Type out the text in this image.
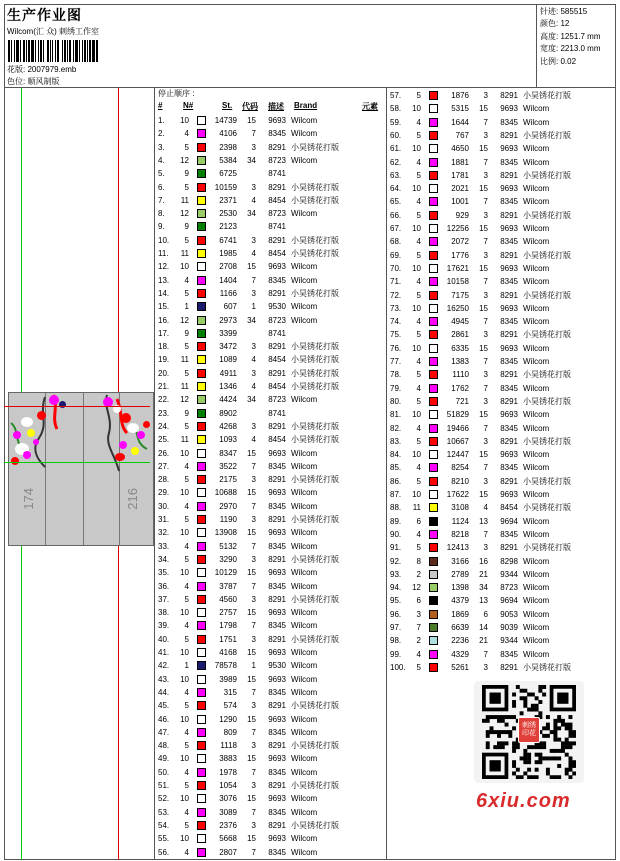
生产作业图
Wilcom(汇 众) 刺绣工作室
花版: 2007979.emb
色位: 顺风制版
针迹: 585515
颜色: 12
高度: 1251.7 mm
宽度: 2213.0 mm
比例: 0.02
174	216
停止顺序 :
#	N#	St. 代码 描述 Brand	元素
1. 10	14739	15	9693 Wilcom
2.	4	4106	7	8345 Wilcom
3.	5	2398	3	8291 小昊锈花打版
4. 12	5384	34	8723 Wilcom
5.	9	6725	8741
6.	5	10159	3	8291 小昊锈花打版
7. 11	2371	4	8454 小昊锈花打版
8. 12	2530	34	8723 Wilcom
9.	9	2123	8741
10.	5	6741	3	8291 小昊锈花打版
11. 11	1985	4	8454 小昊锈花打版
12. 10	2708	15	9693 Wilcom
13.	4	1404	7	8345 Wilcom
14.	5	1166	3	8291 小昊锈花打版
15.	1	607	1	9530 Wilcom
16. 12	2973	34	8723 Wilcom
17.	9	3399	8741
18.	5	3472	3	8291 小昊锈花打版
19. 11	1089	4	8454 小昊锈花打版
20.	5	4911	3	8291 小昊锈花打版
21. 11	1346	4	8454 小昊锈花打版
22. 12	4424	34	8723 Wilcom
23.	9	8902	8741
24.	5	4268	3	8291 小昊锈花打版
25. 11	1093	4	8454 小昊锈花打版
26. 10	8347	15	9693 Wilcom
27.	4	3522	7	8345 Wilcom
28.	5	2175	3	8291 小昊锈花打版
29. 10	10688	15	9693 Wilcom
30.	4	2970	7	8345 Wilcom
31.	5	1190	3	8291 小昊锈花打版
32. 10	13908	15	9693 Wilcom
33.	4	5132	7	8345 Wilcom
34.	5	3290	3	8291 小昊锈花打版
35. 10	10129	15	9693 Wilcom
36.	4	3787	7	8345 Wilcom
37.	5	4560	3	8291 小昊锈花打版
38. 10	2757	15	9693 Wilcom
39.	4	1798	7	8345 Wilcom
40.	5	1751	3	8291 小昊锈花打版
41. 10	4168	15	9693 Wilcom
42.	1	78578	1	9530 Wilcom
43. 10	3989	15	9693 Wilcom
44.	4	315	7	8345 Wilcom
45.	5	574	3	8291 小昊锈花打版
46. 10	1290	15	9693 Wilcom
47.	4	809	7	8345 Wilcom
48.	5	1118	3	8291 小昊锈花打版
49. 10	3883	15	9693 Wilcom
50.	4	1978	7	8345 Wilcom
51.	5	1054	3	8291 小昊锈花打版
52. 10	3076	15	9693 Wilcom
53.	4	3089	7	8345 Wilcom
54.	5	2376	3	8291 小昊锈花打版
55. 10	5668	15	9693 Wilcom
56.	4	2807	7	8345 Wilcom
57.	5	1876	3	8291 小昊锈花打版
58. 10	5315	15	9693 Wilcom
59.	4	1644	7	8345 Wilcom
60.	5	767	3	8291 小昊锈花打版
61. 10	4650	15	9693 Wilcom
62.	4	1881	7	8345 Wilcom
63.	5	1781	3	8291 小昊锈花打版
64. 10	2021	15	9693 Wilcom
65.	4	1001	7	8345 Wilcom
66.	5	929	3	8291 小昊锈花打版
67. 10	12256	15	9693 Wilcom
68.	4	2072	7	8345 Wilcom
69.	5	1776	3	8291 小昊锈花打版
70. 10	17621	15	9693 Wilcom
71.	4	10158	7	8345 Wilcom
72.	5	7175	3	8291 小昊锈花打版
73. 10	16250	15	9693 Wilcom
74.	4	4945	7	8345 Wilcom
75.	5	2861	3	8291 小昊锈花打版
76. 10	6335	15	9693 Wilcom
77.	4	1383	7	8345 Wilcom
78.	5	1110	3	8291 小昊锈花打版
79.	4	1762	7	8345 Wilcom
80.	5	721	3	8291 小昊锈花打版
81. 10	51829	15	9693 Wilcom
82.	4	19466	7	8345 Wilcom
83.	5	10667	3	8291 小昊锈花打版
84. 10	12447	15	9693 Wilcom
85.	4	8254	7	8345 Wilcom
86.	5	8210	3	8291 小昊锈花打版
87. 10	17622	15	9693 Wilcom
88. 11	3108	4	8454 小昊锈花打版
89.	6	1124	13	9694 Wilcom
90.	4	8218	7	8345 Wilcom
91.	5	12413	3	8291 小昊锈花打版
92.	8	3166	16	8298 Wilcom
93.	2	2789	21	9344 Wilcom
94. 12	1398	34	8723 Wilcom
95.	6	4379	13	9694 Wilcom
96.	3	1869	6	9053 Wilcom
97.	7	6639	14	9039 Wilcom
98.	2	2236	21	9344 Wilcom
99.	4	4329	7	8345 Wilcom
100.	5	5261	3	8291 小昊锈花打版
刺绣印花
6xiu.com
